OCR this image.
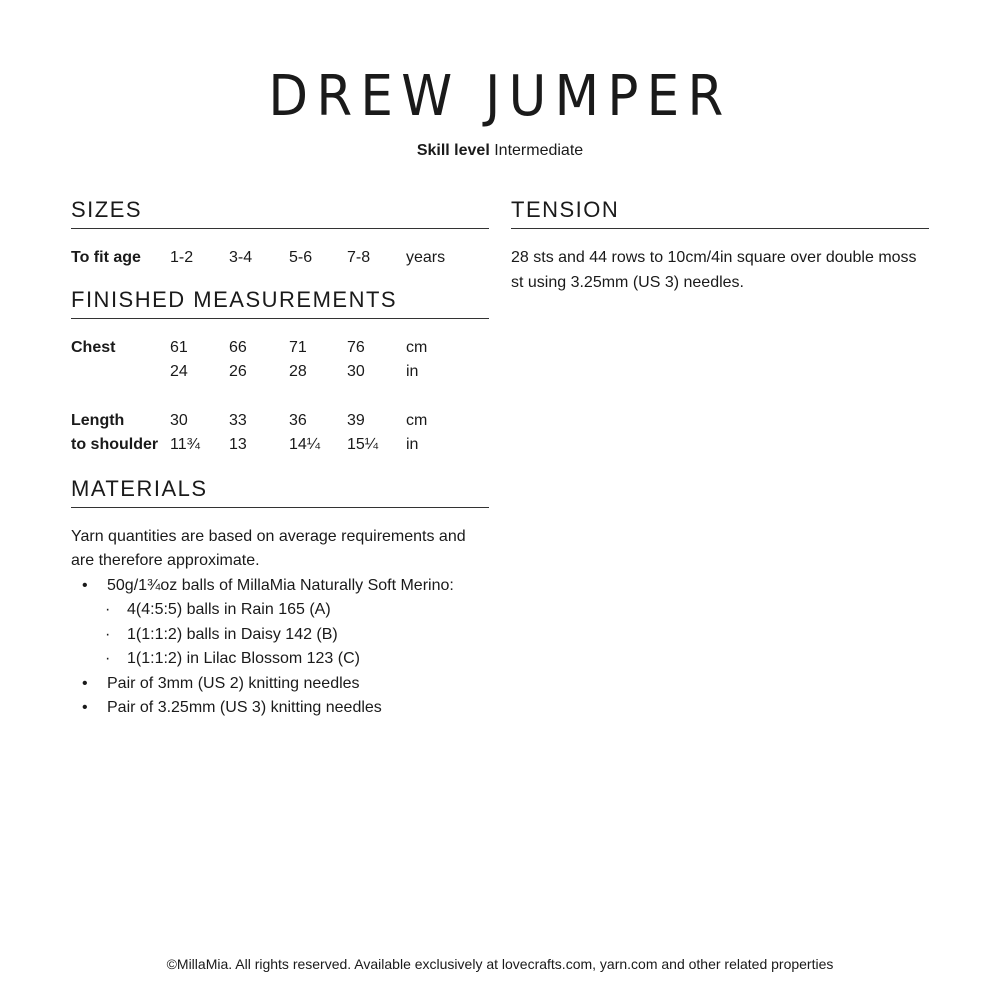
DREW JUMPER
Skill level Intermediate
SIZES
To fit age 1-2 3-4 5-6 7-8 years
FINISHED MEASUREMENTS
Chest	61	66	71	76	cm
24	26	28	30	in
Length	30	33	36	39	cm
to shoulder 11¾ 13	14¼ 15¼ in
MATERIALS

Yarn quantities are based on average requirements and are therefore approximate.

• 50g/1¾oz balls of MillaMia Naturally Soft Merino:
· 4(4:5:5) balls in Rain 165 (A)
· 1(1:1:2) balls in Daisy 142 (B)
· 1(1:1:2) in Lilac Blossom 123 (C)
• Pair of 3mm (US 2) knitting needles
• Pair of 3.25mm (US 3) knitting needles
TENSION

28 sts and 44 rows to 10cm/4in square over double moss st using 3.25mm (US 3) needles.

©MillaMia. All rights reserved. Available exclusively at lovecrafts.com, yarn.com and other related properties
